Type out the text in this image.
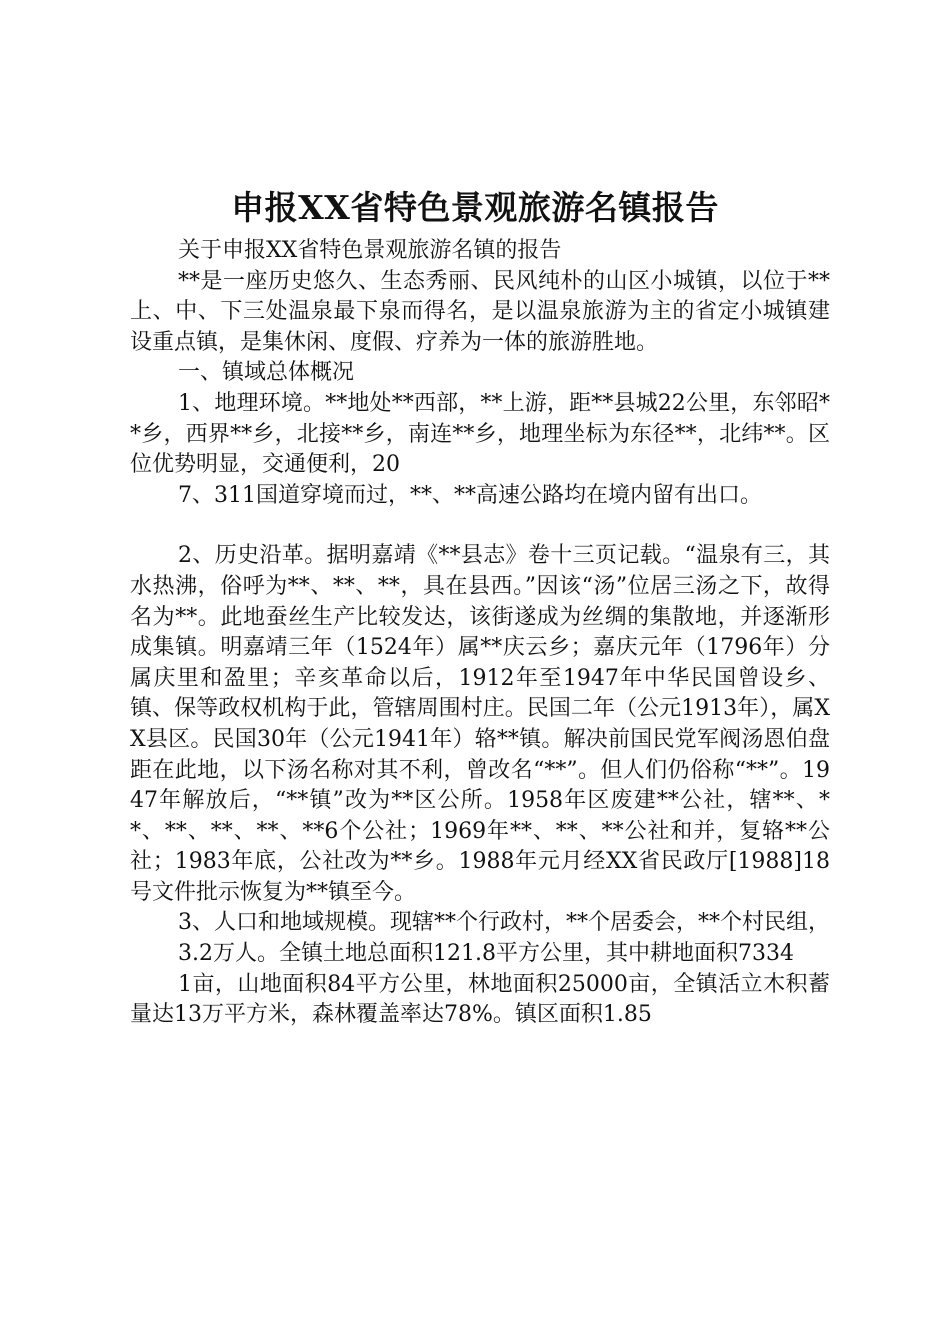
申报XX省特色景观旅游名镇报告

关于申报XX省特色景观旅游名镇的报告

**是一座历史悠久、生态秀丽、民风纯朴的山区小城镇，以位于**上、中、下三处温泉最下泉而得名，是以温泉旅游为主的省定小城镇建设重点镇，是集休闲、度假、疗养为一体的旅游胜地。

一、镇域总体概况

1、地理环境。**地处**西部，**上游，距**县城22公里，东邻昭**乡，西界**乡，北接**乡，南连**乡，地理坐标为东径**，北纬**。区位优势明显，交通便利，20

7、311国道穿境而过，**、**高速公路均在境内留有出口。

2、历史沿革。据明嘉靖《**县志》卷十三页记载。“温泉有三，其水热沸，俗呼为**、**、**，具在县西。”因该“汤”位居三汤之下，故得名为**。此地蚕丝生产比较发达，该街遂成为丝绸的集散地，并逐渐形成集镇。明嘉靖三年（1524年）属**庆云乡；嘉庆元年（1796年）分属庆里和盈里；辛亥革命以后，1912年至1947年中华民国曾设乡、镇、保等政权机构于此，管辖周围村庄。民国二年（公元1913年），属XX县区。民国30年（公元1941年）辂**镇。解决前国民党军阀汤恩伯盘距在此地，以下汤名称对其不利，曾改名“**”。但人们仍俗称“**”。1947年解放后，“**镇”改为**区公所。1958年区废建**公社，辖**、**、**、**、**、**6个公社；1969年**、**、**公社和并，复辂**公社；1983年底，公社改为**乡。1988年元月经XX省民政厅[1988]18号文件批示恢复为**镇至今。

3、人口和地域规模。现辖**个行政村，**个居委会，**个村民组，

3.2万人。全镇土地总面积121.8平方公里，其中耕地面积7334

1亩，山地面积84平方公里，林地面积25000亩，全镇活立木积蓄量达13万平方米，森林覆盖率达78%。镇区面积1.85
